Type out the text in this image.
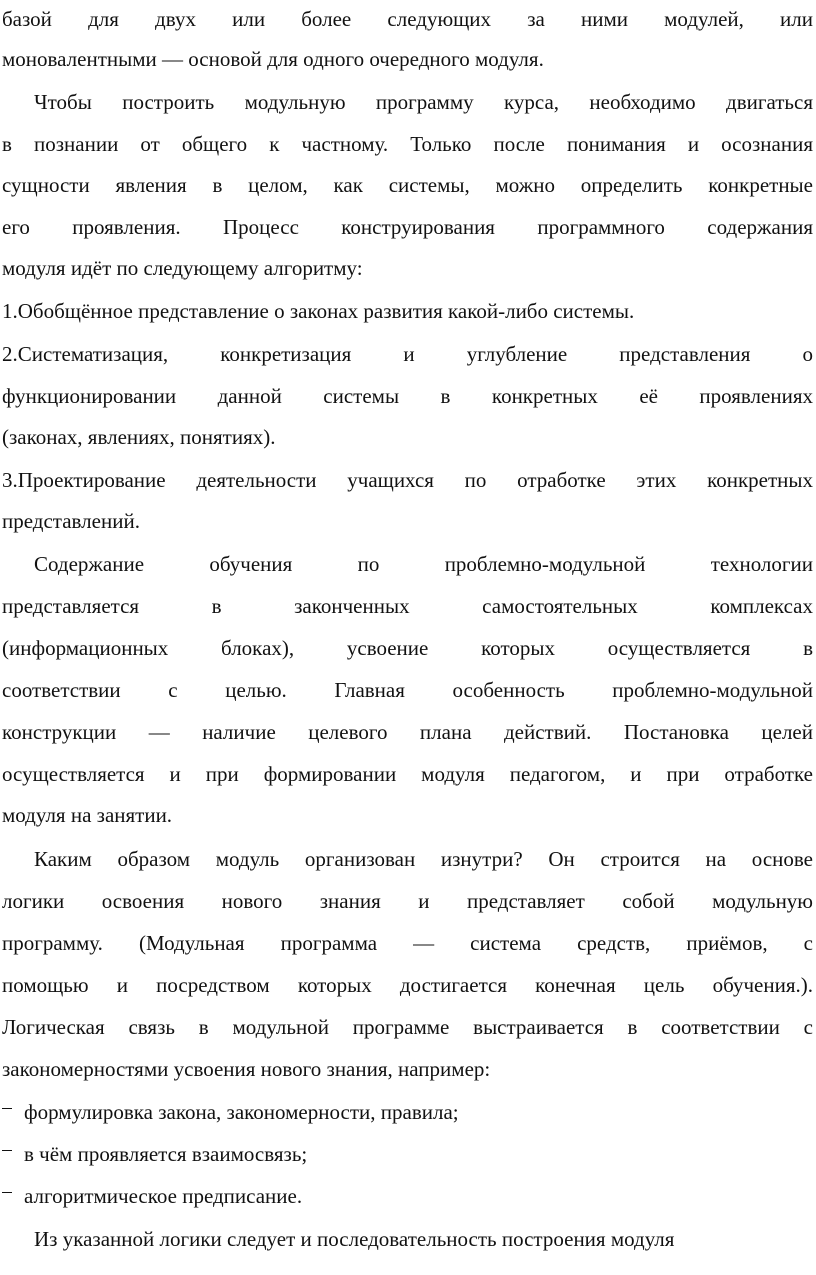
базой для двух или более следующих за ними модулей, или
моновалентными — основой для одного очередного модуля.
Чтобы построить модульную программу курса, необходимо двигаться
в познании от общего к частному. Только после понимания и осознания
сущности явления в целом, как системы, можно определить конкретные
его проявления. Процесс конструирования программного содержания
модуля идёт по следующему алгоритму:
1.Обобщённое представление о законах развития какой-либо системы.
2.Систематизация, конкретизация и углубление представления о
функционировании данной системы в конкретных её проявлениях
(законах, явлениях, понятиях).
3.Проектирование деятельности учащихся по отработке этих конкретных
представлений.
Содержание обучения по проблемно-модульной технологии
представляется в законченных самостоятельных комплексах
(информационных блоках), усвоение которых осуществляется в
соответствии с целью. Главная особенность проблемно-модульной
конструкции — наличие целевого плана действий. Постановка целей
осуществляется и при формировании модуля педагогом, и при отработке
модуля на занятии.
Каким образом модуль организован изнутри? Он строится на основе
логики освоения нового знания и представляет собой модульную
программу. (Модульная программа — система средств, приёмов, с
помощью и посредством которых достигается конечная цель обучения.).
Логическая связь в модульной программе выстраивается в соответствии с
закономерностями усвоения нового знания, например:
формулировка закона, закономерности, правила;
в чём проявляется взаимосвязь;
алгоритмическое предписание.
Из указанной логики следует и последовательность построения модуля
